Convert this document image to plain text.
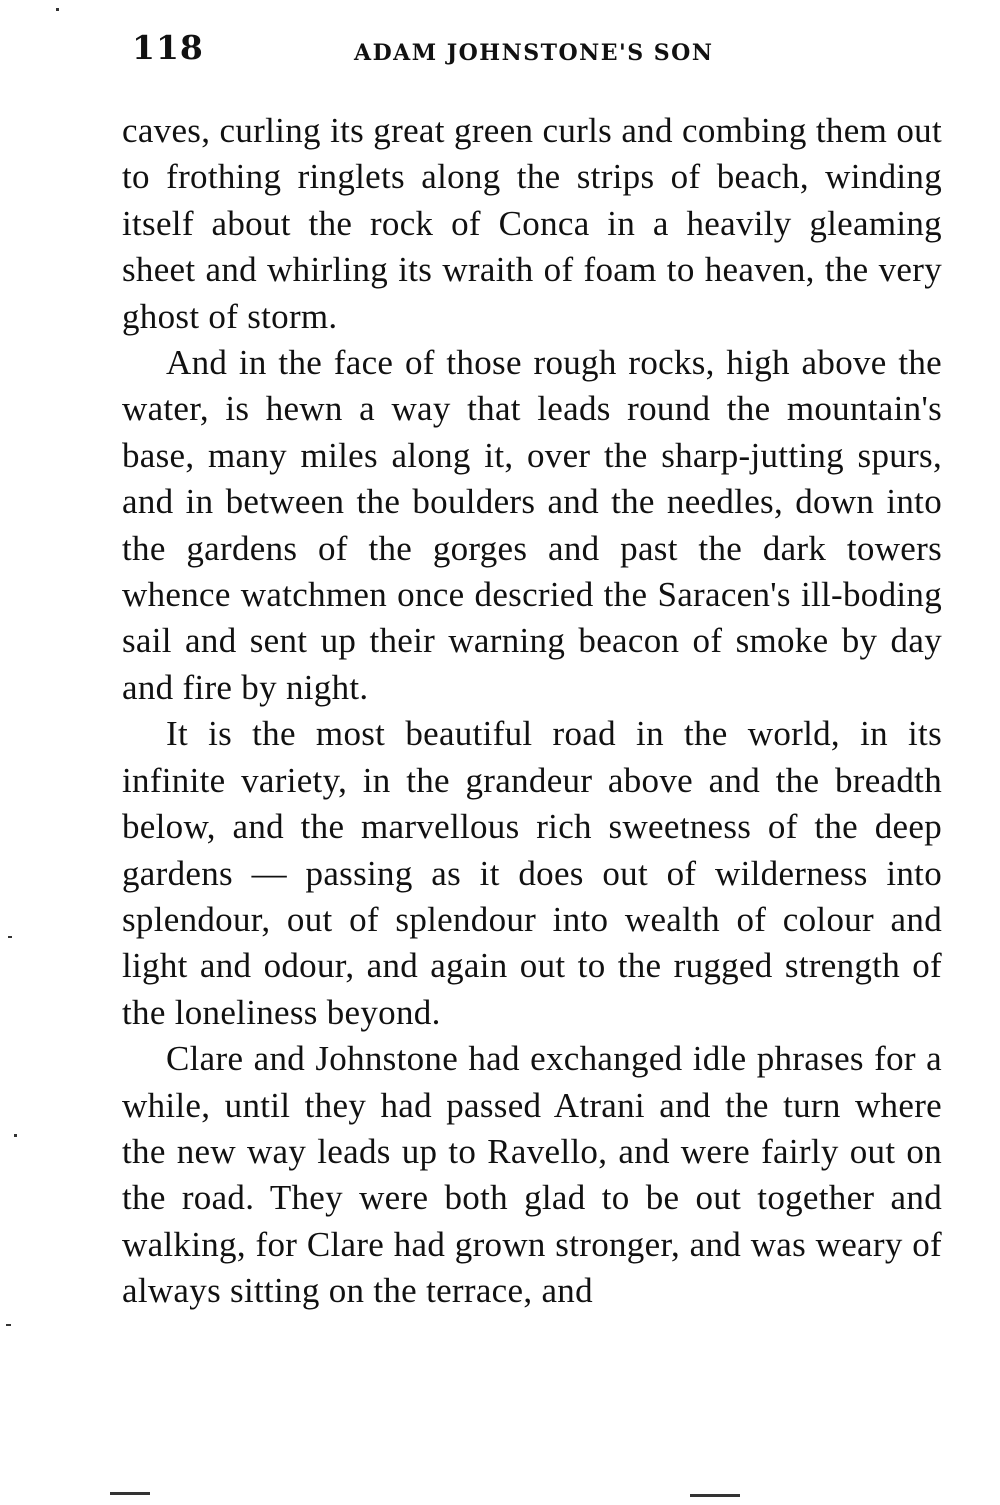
118	ADAM JOHNSTONE'S SON

caves, curling its great green curls and combing them out to frothing ringlets along the strips of beach, winding itself about the rock of Conca in a heavily gleaming sheet and whirling its wraith of foam to heaven, the very ghost of storm.

And in the face of those rough rocks, high above the water, is hewn a way that leads round the mountain's base, many miles along it, over the sharp-jutting spurs, and in between the boulders and the needles, down into the gardens of the gorges and past the dark towers whence watchmen once descried the Saracen's ill-boding sail and sent up their warning beacon of smoke by day and fire by night.

It is the most beautiful road in the world, in its infinite variety, in the grandeur above and the breadth below, and the marvellous rich sweetness of the deep gardens — passing as it does out of wilderness into splendour, out of splendour into wealth of colour and light and odour, and again out to the rugged strength of the loneliness beyond.

Clare and Johnstone had exchanged idle phrases for a while, until they had passed Atrani and the turn where the new way leads up to Ravello, and were fairly out on the road. They were both glad to be out together and walking, for Clare had grown stronger, and was weary of always sitting on the terrace, and
